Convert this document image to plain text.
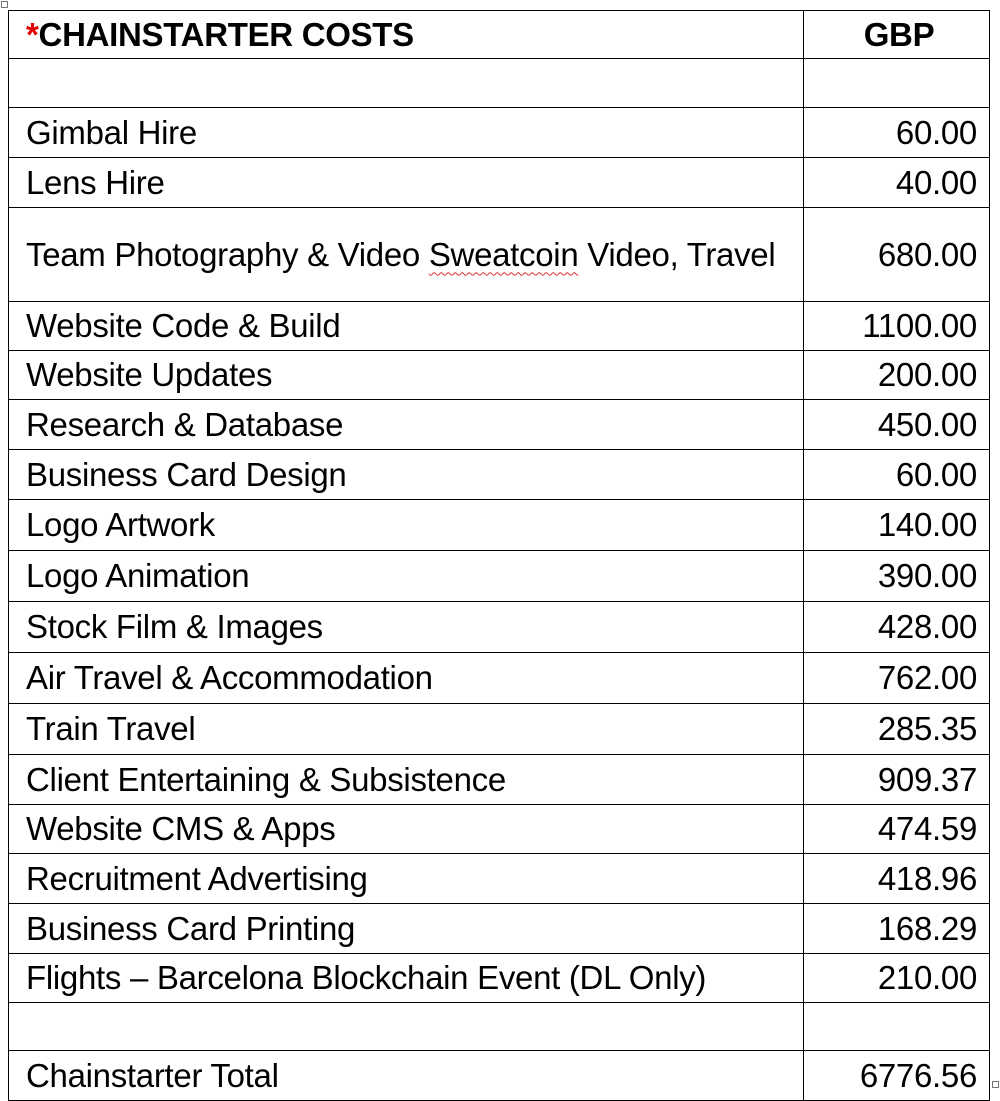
*CHAINSTARTER COSTS	GBP

Gimbal Hire	60.00
Lens Hire	40.00
Team Photography & Video Sweatcoin Video, Travel	680.00
Website Code & Build	1100.00
Website Updates	200.00
Research & Database	450.00
Business Card Design	60.00
Logo Artwork	140.00
Logo Animation	390.00
Stock Film & Images	428.00
Air Travel & Accommodation	762.00
Train Travel	285.35
Client Entertaining & Subsistence	909.37
Website CMS & Apps	474.59
Recruitment Advertising	418.96
Business Card Printing	168.29
Flights – Barcelona Blockchain Event (DL Only)	210.00

Chainstarter Total	6776.56
